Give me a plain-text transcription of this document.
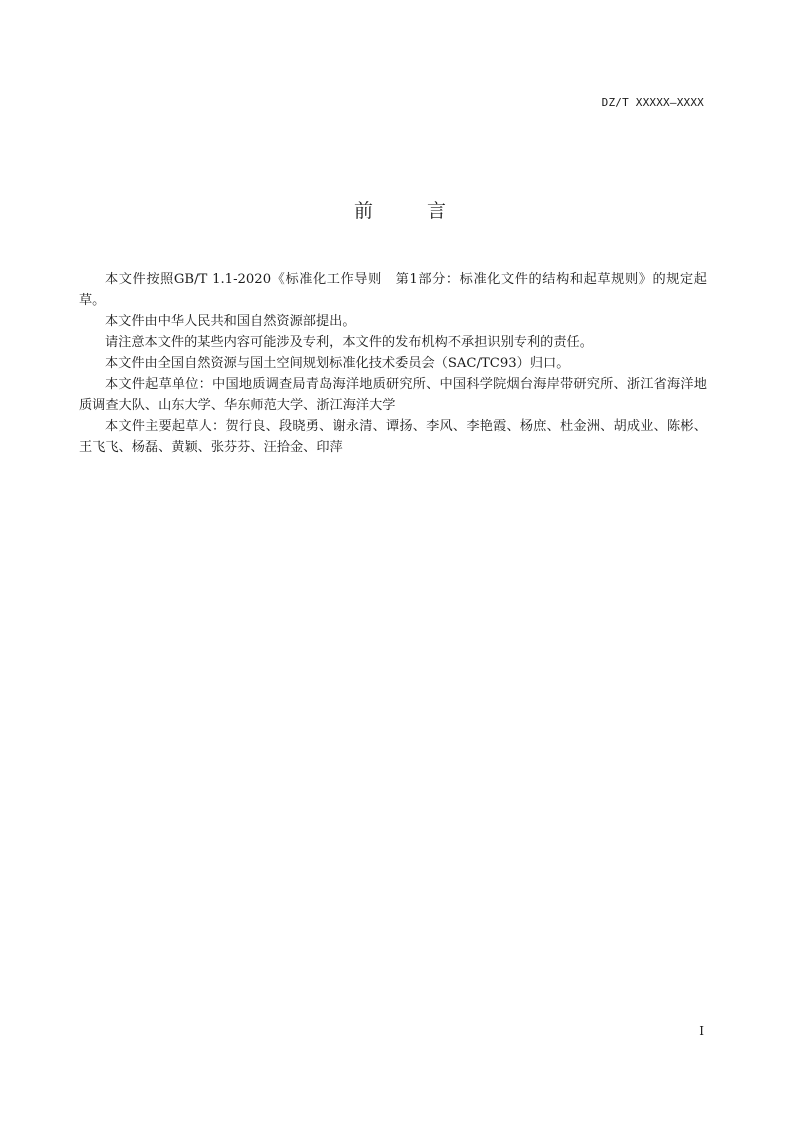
DZ/T XXXXX—XXXX
前 言

本文件按照GB/T 1.1-2020《标准化工作导则　第1部分：标准化文件的结构和起草规则》的规定起草。

本文件由中华人民共和国自然资源部提出。

请注意本文件的某些内容可能涉及专利，本文件的发布机构不承担识别专利的责任。

本文件由全国自然资源与国土空间规划标准化技术委员会（SAC/TC93）归口。

本文件起草单位：中国地质调查局青岛海洋地质研究所、中国科学院烟台海岸带研究所、浙江省海洋地质调查大队、山东大学、华东师范大学、浙江海洋大学

本文件主要起草人：贺行良、段晓勇、谢永清、谭扬、李风、李艳霞、杨庶、杜金洲、胡成业、陈彬、王飞飞、杨磊、黄颖、张芬芬、汪拾金、印萍

I
